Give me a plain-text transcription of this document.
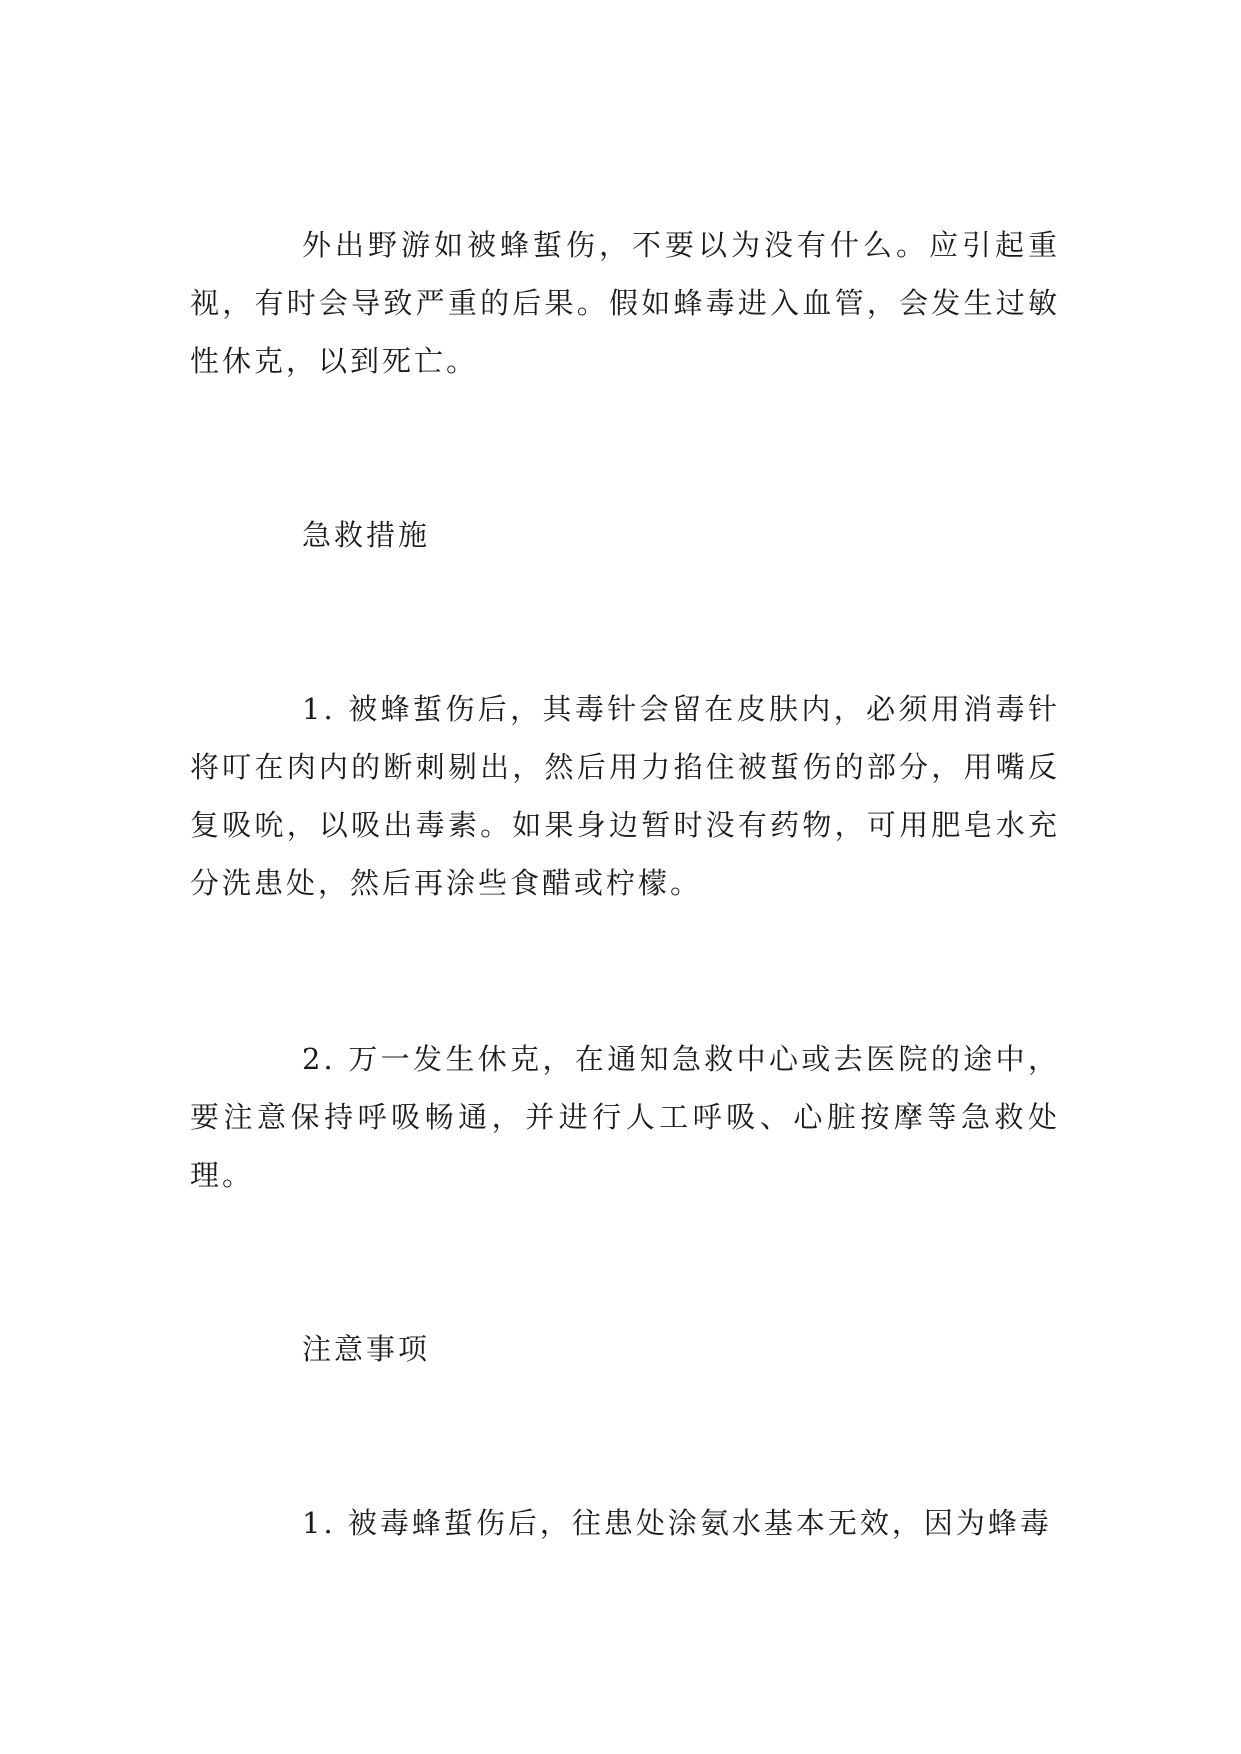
外出野游如被蜂蜇伤，不要以为没有什么。应引起重视，有时会导致严重的后果。假如蜂毒进入血管，会发生过敏性休克，以到死亡。

急救措施

1. 被蜂蜇伤后，其毒针会留在皮肤内，必须用消毒针将叮在肉内的断刺剔出，然后用力掐住被蜇伤的部分，用嘴反复吸吮，以吸出毒素。如果身边暂时没有药物，可用肥皂水充分洗患处，然后再涂些食醋或柠檬。

2. 万一发生休克，在通知急救中心或去医院的途中，要注意保持呼吸畅通，并进行人工呼吸、心脏按摩等急救处理。

注意事项

1. 被毒蜂蜇伤后，往患处涂氨水基本无效，因为蜂毒
